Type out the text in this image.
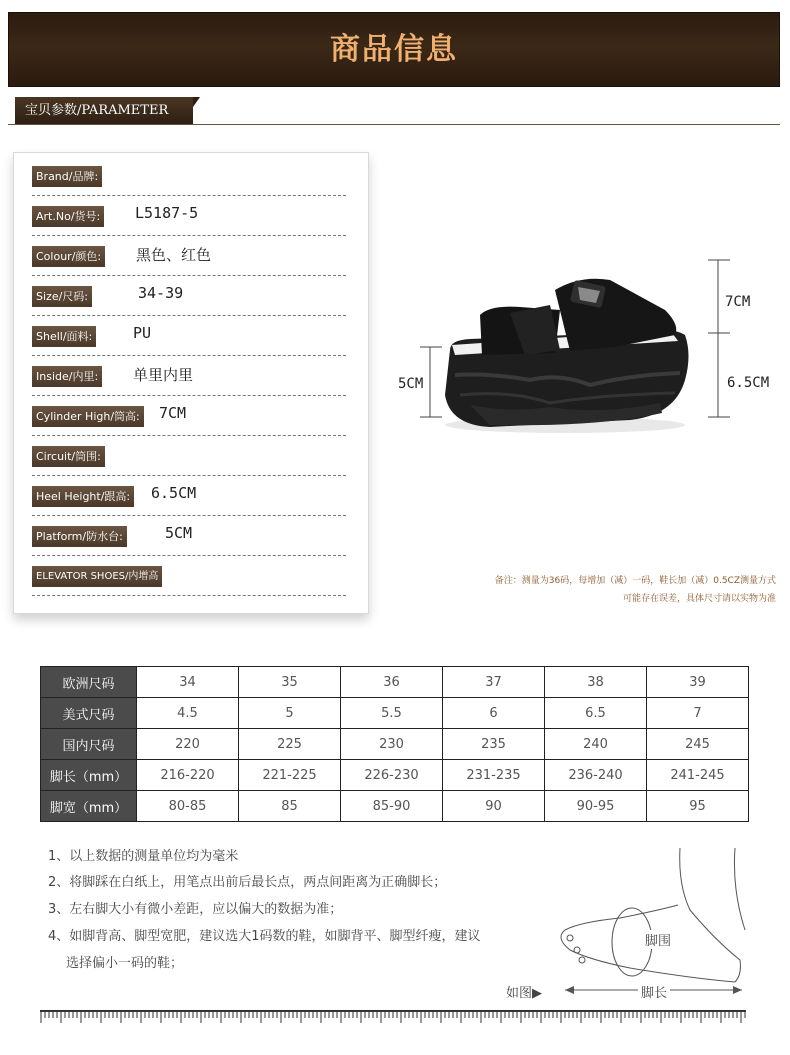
商品信息
宝贝参数/PARAMETER
Brand/品牌:
Art.No/货号: L5187-5
Colour/颜色: 黑色、红色
Size/尺码:	34-39
Shell/面料:	PU
Inside/内里: 单里内里
Cylinder High/筒高: 7CM
Circuit/筒围:
Heel Height/跟高: 6.5CM
Platform/防水台:	5CM
ELEVATOR SHOES/内增高
7CM
6.5CM
5CM
备注：测量为36码，每增加（减）一码，鞋长加（减）0.5CZ测量方式
可能存在误差，具体尺寸请以实物为准
欧洲尺码	34	35	36	37	38	39
美式尺码	4.5	5	5.5	6	6.5	7
国内尺码	220	225	230	235	240	245
脚长（mm）	216-220	221-225	226-230	231-235	236-240	241-245
脚宽（mm）	80-85	85	85-90	90	90-95	95
1、以上数据的测量单位均为毫米
2、将脚踩在白纸上，用笔点出前后最长点，两点间距离为正确脚长；
3、左右脚大小有微小差距，应以偏大的数据为准；
4、如脚背高、脚型宽肥，建议选大1码数的鞋，如脚背平、脚型纤瘦，建议
选择偏小一码的鞋；
脚围
脚长
如图▶
